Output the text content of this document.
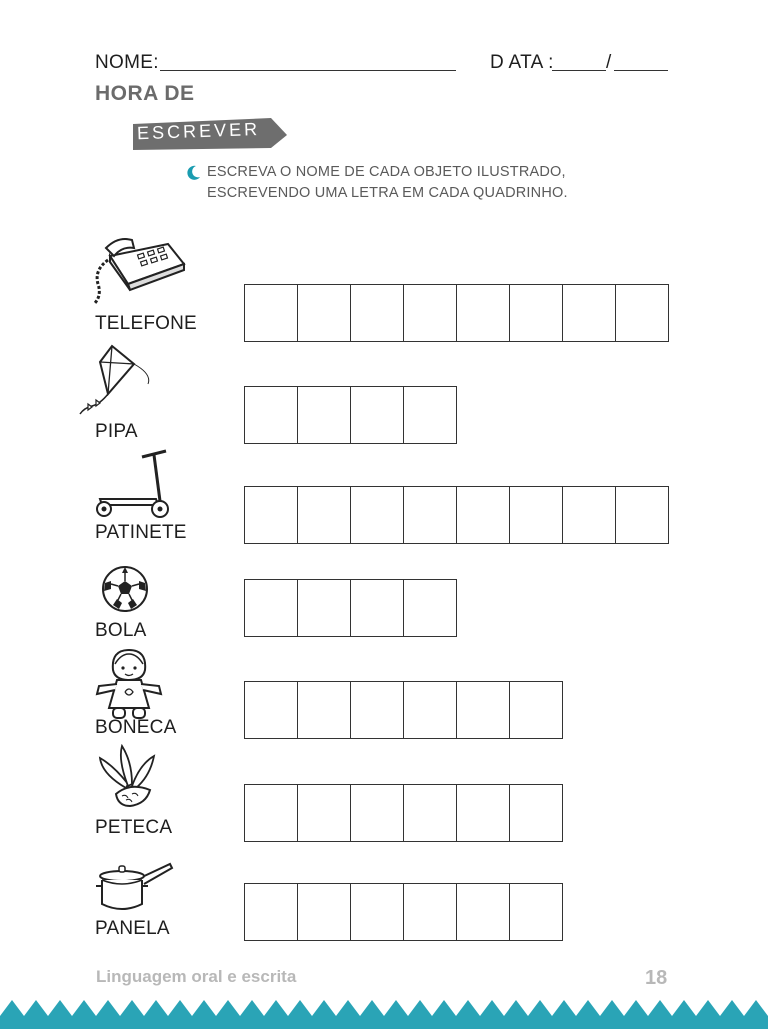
NOME:	D ATA :	/
HORA DE
ESCREVER
ESCREVA O NOME DE CADA OBJETO ILUSTRADO,
ESCREVENDO UMA LETRA EM CADA QUADRINHO.
TELEFONE
PIPA
PATINETE
BOLA
BONECA
PETECA
PANELA
Linguagem oral e escrita	18
